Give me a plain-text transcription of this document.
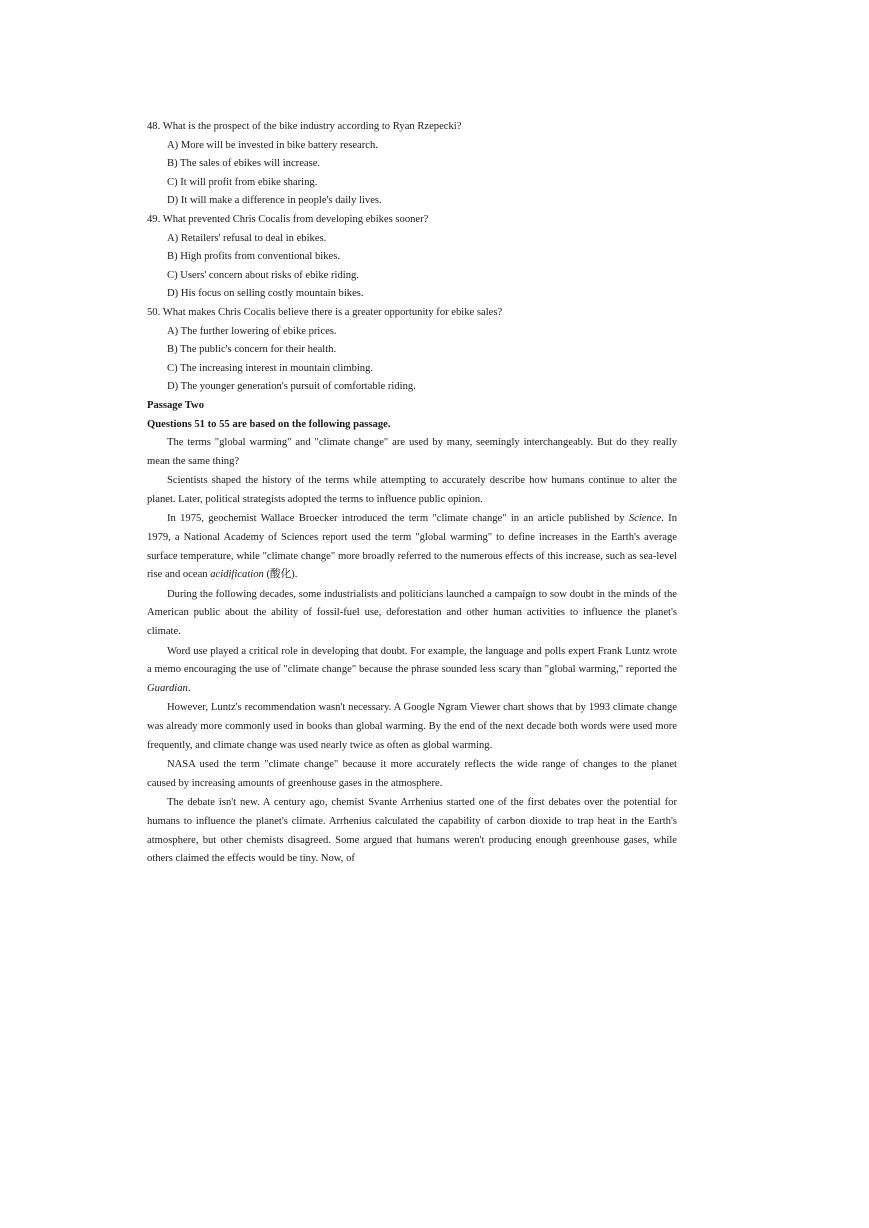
48. What is the prospect of the bike industry according to Ryan Rzepecki?
A) More will be invested in bike battery research.
B) The sales of ebikes will increase.
C) It will profit from ebike sharing.
D) It will make a difference in people's daily lives.
49. What prevented Chris Cocalis from developing ebikes sooner?
A) Retailers' refusal to deal in ebikes.
B) High profits from conventional bikes.
C) Users' concern about risks of ebike riding.
D) His focus on selling costly mountain bikes.
50. What makes Chris Cocalis believe there is a greater opportunity for ebike sales?
A) The further lowering of ebike prices.
B) The public's concern for their health.
C) The increasing interest in mountain climbing.
D) The younger generation's pursuit of comfortable riding.
Passage Two
Questions 51 to 55 are based on the following passage.
The terms "global warming" and "climate change" are used by many, seemingly interchangeably. But do they really mean the same thing?
Scientists shaped the history of the terms while attempting to accurately describe how humans continue to alter the planet. Later, political strategists adopted the terms to influence public opinion.
In 1975, geochemist Wallace Broecker introduced the term "climate change" in an article published by Science. In 1979, a National Academy of Sciences report used the term "global warming" to define increases in the Earth's average surface temperature, while "climate change" more broadly referred to the numerous effects of this increase, such as sea-level rise and ocean acidification (酸化).
During the following decades, some industrialists and politicians launched a campaign to sow doubt in the minds of the American public about the ability of fossil-fuel use, deforestation and other human activities to influence the planet's climate.
Word use played a critical role in developing that doubt. For example, the language and polls expert Frank Luntz wrote a memo encouraging the use of "climate change" because the phrase sounded less scary than "global warming," reported the Guardian.
However, Luntz's recommendation wasn't necessary. A Google Ngram Viewer chart shows that by 1993 climate change was already more commonly used in books than global warming. By the end of the next decade both words were used more frequently, and climate change was used nearly twice as often as global warming.
NASA used the term "climate change" because it more accurately reflects the wide range of changes to the planet caused by increasing amounts of greenhouse gases in the atmosphere.
The debate isn't new. A century ago, chemist Svante Arrhenius started one of the first debates over the potential for humans to influence the planet's climate. Arrhenius calculated the capability of carbon dioxide to trap heat in the Earth's atmosphere, but other chemists disagreed. Some argued that humans weren't producing enough greenhouse gases, while others claimed the effects would be tiny. Now, of
